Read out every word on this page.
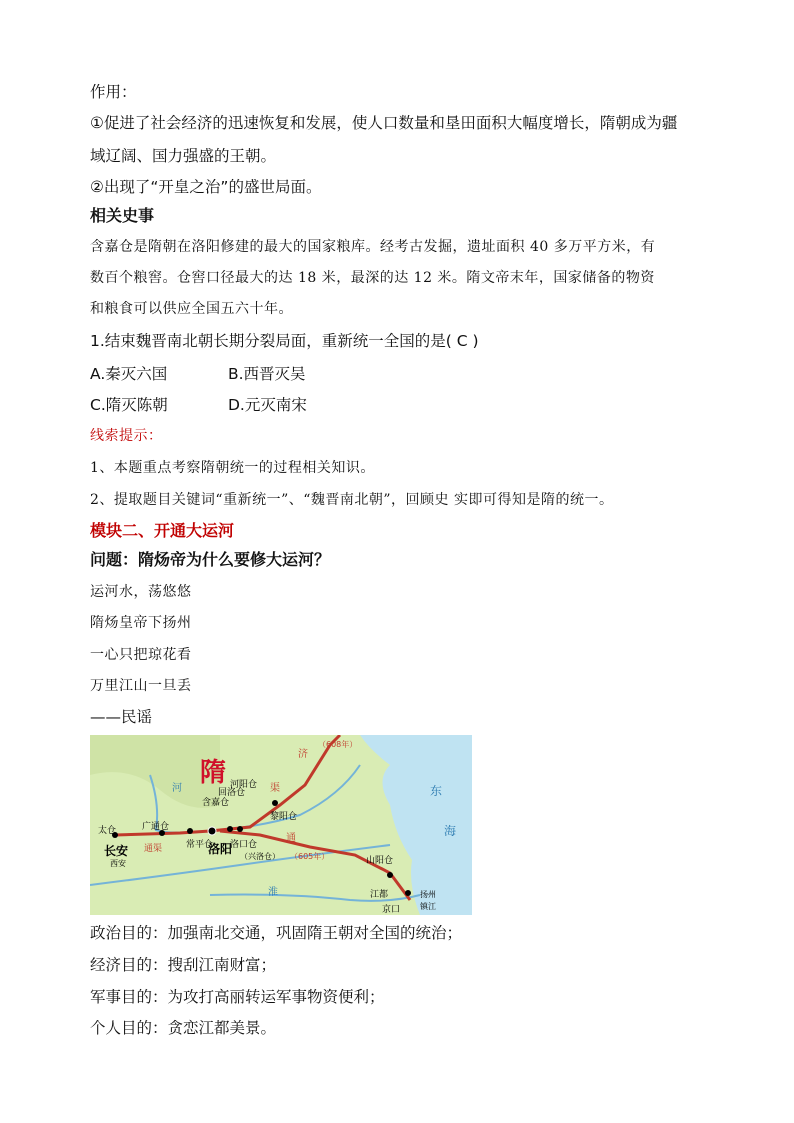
作用：
①促进了社会经济的迅速恢复和发展，使人口数量和垦田面积大幅度增长，隋朝成为疆
域辽阔、国力强盛的王朝。
②出现了“开皇之治”的盛世局面。
相关史事
含嘉仓是隋朝在洛阳修建的最大的国家粮库。经考古发掘，遗址面积 40 多万平方米，有
数百个粮窖。仓窖口径最大的达 18 米，最深的达 12 米。隋文帝末年，国家储备的物资
和粮食可以供应全国五六十年。
1.结束魏晋南北朝长期分裂局面，重新统一全国的是( C )
A.秦灭六国	B.西晋灭吴
C.隋灭陈朝	D.元灭南宋
线索提示：
1、本题重点考察隋朝统一的过程相关知识。
2、提取题目关键词“重新统一”、“魏晋南北朝”，回顾史 实即可得知是隋的统一。
模块二、开通大运河
问题：隋炀帝为什么要修大运河？
运河水，荡悠悠
隋炀皇帝下扬州
一心只把琼花看
万里江山一旦丢
——民谣
隋
太仓
长安
西安
广通仓
通渠	常平仓
含嘉仓
回洛仓
河阳仓
洛阳
洛口仓
（兴洛仓）
黎阳仓
山阳仓
江都	扬州
京口 镇江
河
淮
东
海
渠
济
通
（605年）
（608年）
政治目的：加强南北交通，巩固隋王朝对全国的统治；
经济目的：搜刮江南财富；
军事目的：为攻打高丽转运军事物资便利；
个人目的：贪恋江都美景。
